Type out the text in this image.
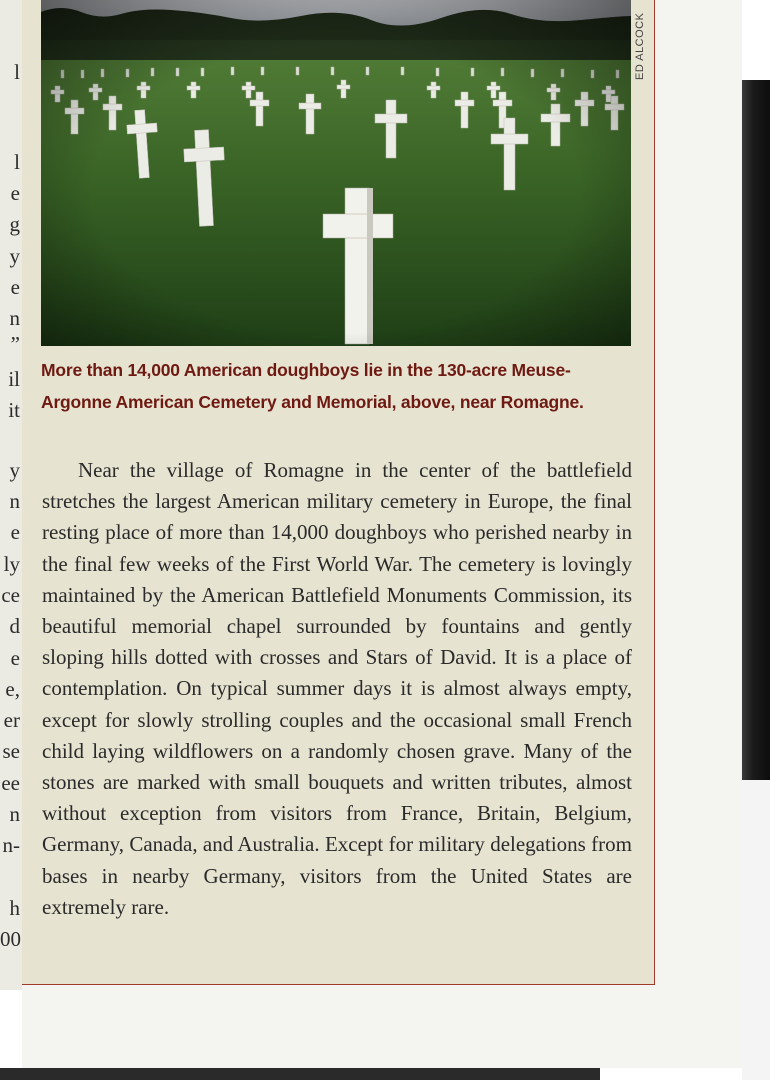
l
l
e
g
y
e
n
”
il
it
y
n
e
ly
ce
d
e
e,
er
se
ee
n
n-
h
00
ED ALCOCK
More than 14,000 American doughboys lie in the 130-acre Meuse-Argonne American Cemetery and Memorial, above, near Romagne.

Near the village of Romagne in the center of the battlefield stretches the largest American military cemetery in Europe, the final resting place of more than 14,000 doughboys who perished nearby in the final few weeks of the First World War. The cemetery is lovingly maintained by the American Battlefield Monuments Commission, its beautiful memorial chapel surrounded by fountains and gently sloping hills dotted with crosses and Stars of David. It is a place of contemplation. On typical summer days it is almost always empty, except for slowly strolling couples and the occasional small French child laying wildflowers on a randomly chosen grave. Many of the stones are marked with small bouquets and written tributes, almost without exception from visitors from France, Britain, Belgium, Germany, Canada, and Australia. Except for military delegations from bases in nearby Germany, visitors from the United States are extremely rare.
